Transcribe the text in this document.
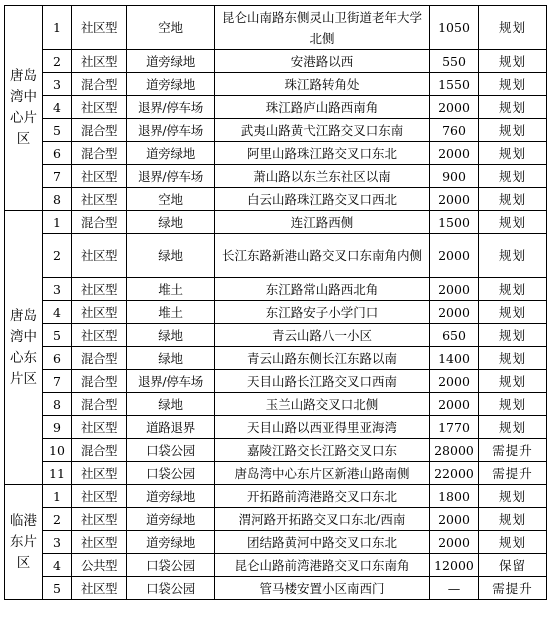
唐岛湾中心片区	1	社区型	空地	昆仑山南路东侧灵山卫街道老年大学北侧	1050	规划
	2	社区型	道旁绿地	安港路以西	550	规划
	3	混合型	道旁绿地	珠江路转角处	1550	规划
	4	社区型	退界/停车场	珠江路庐山路西南角	2000	规划
	5	混合型	退界/停车场	武夷山路黄弋江路交叉口东南	760	规划
	6	混合型	道旁绿地	阿里山路珠江路交叉口东北	2000	规划
	7	社区型	退界/停车场	萧山路以东兰东社区以南	900	规划
	8	社区型	空地	白云山路珠江路交叉口西北	2000	规划
唐岛湾中心东片区	1	混合型	绿地	连江路西侧	1500	规划
	2	社区型	绿地	长江东路新港山路交叉口东南角内侧	2000	规划
	3	社区型	堆土	东江路常山路西北角	2000	规划
	4	社区型	堆土	东江路安子小学门口	2000	规划
	5	社区型	绿地	青云山路八一小区	650	规划
	6	混合型	绿地	青云山路东侧长江东路以南	1400	规划
	7	混合型	退界/停车场	天目山路长江路交叉口西南	2000	规划
	8	混合型	绿地	玉兰山路交叉口北侧	2000	规划
	9	社区型	道路退界	天目山路以西亚得里亚海湾	1770	规划
	10	混合型	口袋公园	嘉陵江路交长江路交叉口东	28000	需提升
	11	社区型	口袋公园	唐岛湾中心东片区新港山路南侧	22000	需提升
临港东片区	1	社区型	道旁绿地	开拓路前湾港路交叉口东北	1800	规划
	2	社区型	道旁绿地	渭河路开拓路交叉口东北/西南	2000	规划
	3	社区型	道旁绿地	团结路黄河中路交叉口东北	2000	规划
	4	公共型	口袋公园	昆仑山路前湾港路交叉口东南角	12000	保留
	5	社区型	口袋公园	管马楼安置小区南西门	—	需提升
